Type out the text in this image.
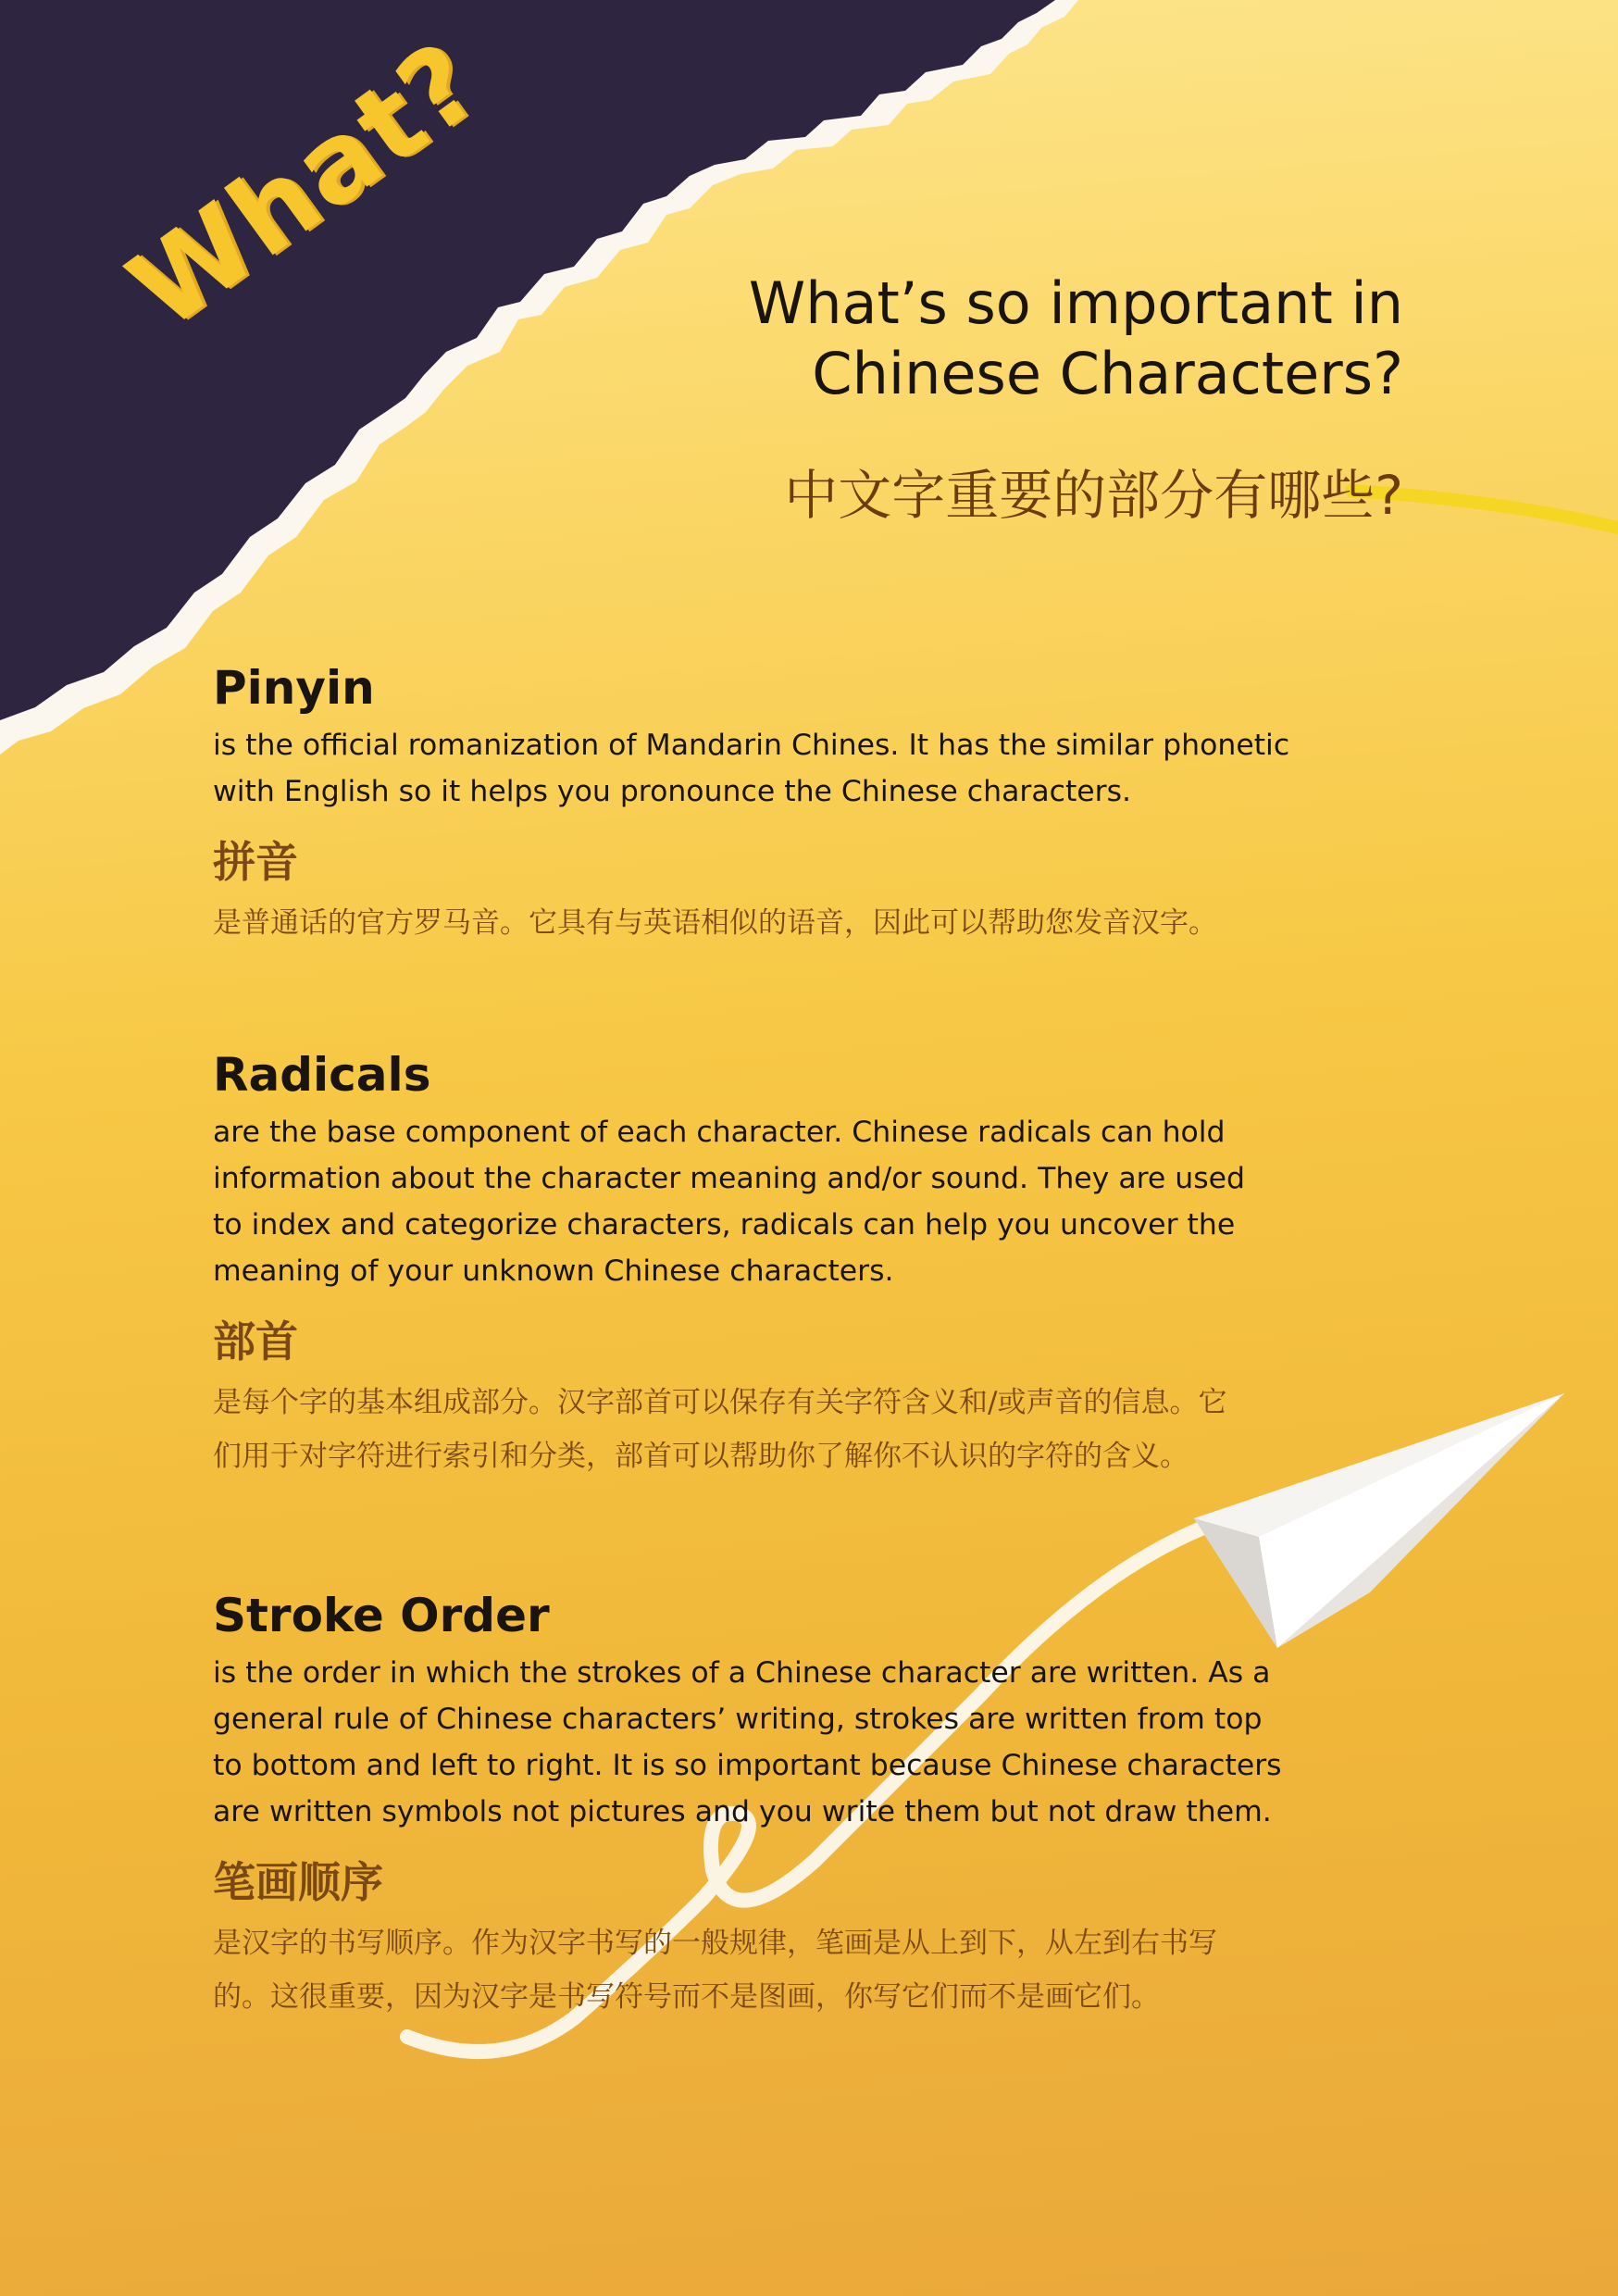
What?	What’s so important in
Chinese Characters?
中文字重要的部分有哪些?
Pinyin

is the official romanization of Mandarin Chines. It has the similar phonetic
with English so it helps you pronounce the Chinese characters.

拼音

是普通话的官方罗马音。它具有与英语相似的语音，因此可以帮助您发音汉字。

Radicals

are the base component of each character. Chinese radicals can hold
information about the character meaning and/or sound. They are used
to index and categorize characters, radicals can help you uncover the
meaning of your unknown Chinese characters.

部首

是每个字的基本组成部分。汉字部首可以保存有关字符含义和/或声音的信息。它
们用于对字符进行索引和分类，部首可以帮助你了解你不认识的字符的含义。

Stroke Order

is the order in which the strokes of a Chinese character are written. As a
general rule of Chinese characters’ writing, strokes are written from top
to bottom and left to right. It is so important because Chinese characters
are written symbols not pictures and you write them but not draw them.

笔画顺序

是汉字的书写顺序。作为汉字书写的一般规律，笔画是从上到下，从左到右书写
的。这很重要，因为汉字是书写符号而不是图画，你写它们而不是画它们。
